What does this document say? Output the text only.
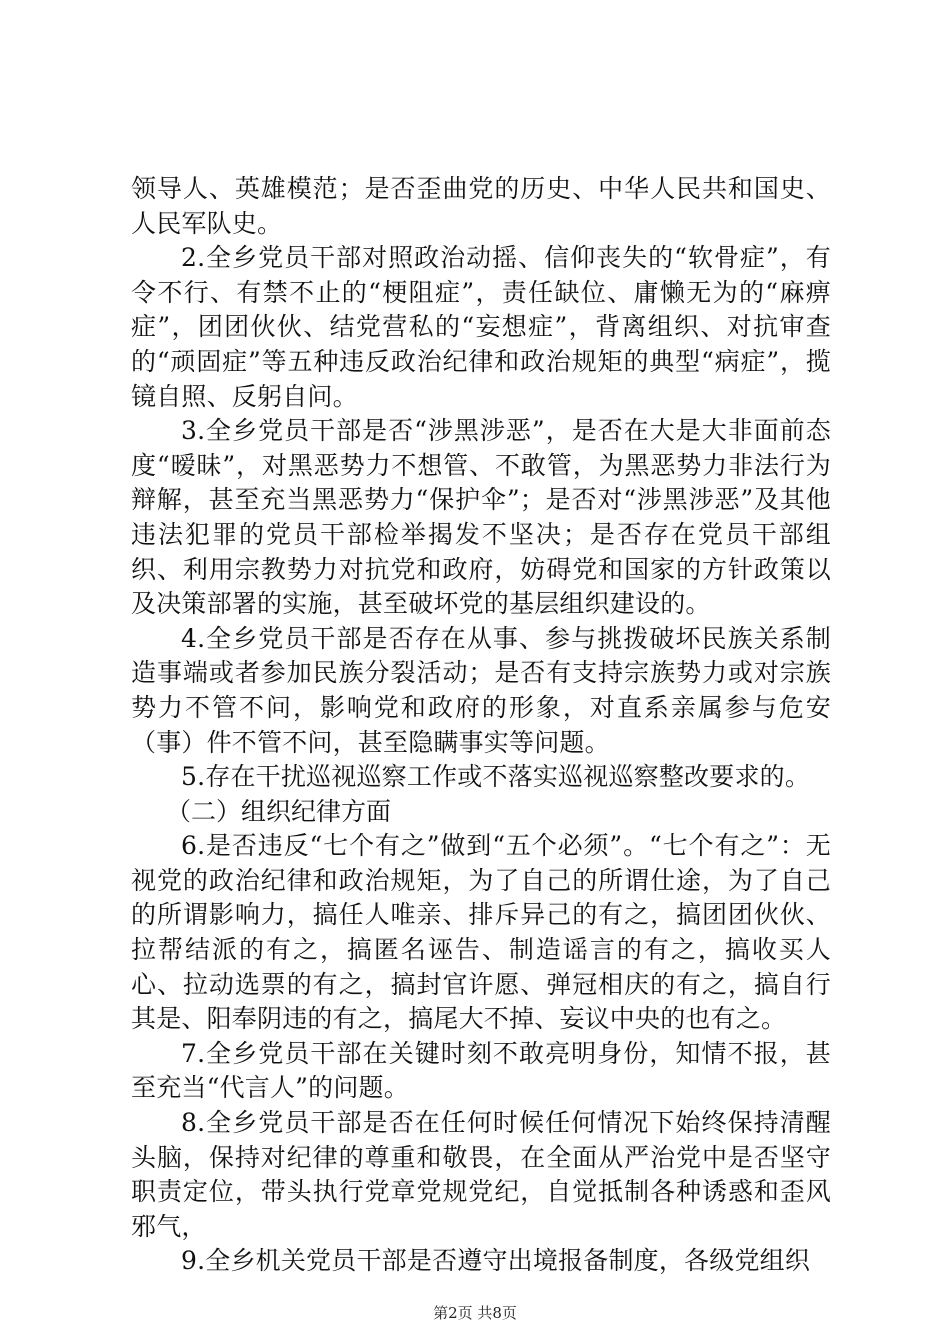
领导人、英雄模范；是否歪曲党的历史、中华人民共和国史、人民军队史。

2.全乡党员干部对照政治动摇、信仰丧失的“软骨症”，有令不行、有禁不止的“梗阻症”，责任缺位、庸懒无为的“麻痹症”，团团伙伙、结党营私的“妄想症”，背离组织、对抗审查的“顽固症”等五种违反政治纪律和政治规矩的典型“病症”，揽镜自照、反躬自问。

3.全乡党员干部是否“涉黑涉恶”，是否在大是大非面前态度“暧昧”，对黑恶势力不想管、不敢管，为黑恶势力非法行为辩解，甚至充当黑恶势力“保护伞”；是否对“涉黑涉恶”及其他违法犯罪的党员干部检举揭发不坚决；是否存在党员干部组织、利用宗教势力对抗党和政府，妨碍党和国家的方针政策以及决策部署的实施，甚至破坏党的基层组织建设的。

4.全乡党员干部是否存在从事、参与挑拨破坏民族关系制造事端或者参加民族分裂活动；是否有支持宗族势力或对宗族势力不管不问，影响党和政府的形象，对直系亲属参与危安（事）件不管不问，甚至隐瞒事实等问题。

5.存在干扰巡视巡察工作或不落实巡视巡察整改要求的。

（二）组织纪律方面

6.是否违反“七个有之”做到“五个必须”。“七个有之”：无视党的政治纪律和政治规矩，为了自己的所谓仕途，为了自己的所谓影响力，搞任人唯亲、排斥异己的有之，搞团团伙伙、拉帮结派的有之，搞匿名诬告、制造谣言的有之，搞收买人心、拉动选票的有之，搞封官许愿、弹冠相庆的有之，搞自行其是、阳奉阴违的有之，搞尾大不掉、妄议中央的也有之。

7.全乡党员干部在关键时刻不敢亮明身份，知情不报，甚至充当“代言人”的问题。

8.全乡党员干部是否在任何时候任何情况下始终保持清醒头脑，保持对纪律的尊重和敬畏，在全面从严治党中是否坚守职责定位，带头执行党章党规党纪，自觉抵制各种诱惑和歪风邪气，

9.全乡机关党员干部是否遵守出境报备制度，各级党组织

第2页 共8页
